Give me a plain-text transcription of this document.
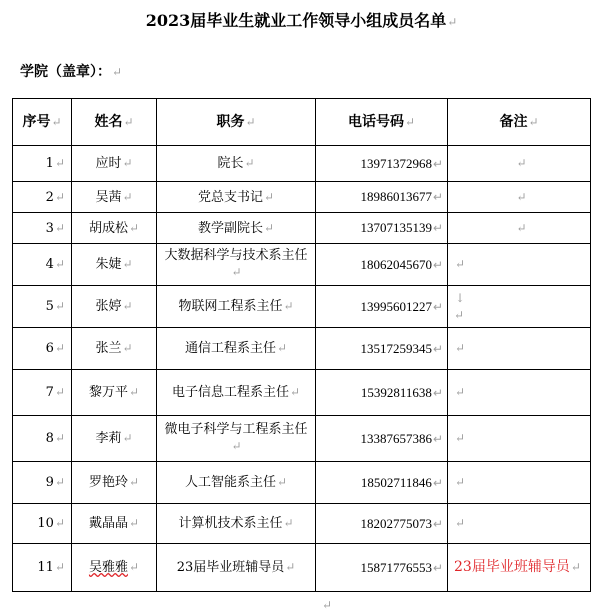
2023届毕业生就业工作领导小组成员名单↵
学院（盖章）：↵
序号↵	姓名↵	职务↵	电话号码↵	备注↵
1↵	应时↵	院长↵	13971372968↵	↵
2↵	吴茜↵	党总支书记↵	18986013677↵	↵
3↵	胡成松↵	教学副院长↵	13707135139↵	↵
4↵	朱婕↵	大数据科学与技术系主任↵	18062045670↵	↵
5↵	张婷↵	物联网工程系主任↵	13995601227↵	↓
↵
6↵	张兰↵	通信工程系主任↵	13517259345↵	↵
7↵	黎万平↵	电子信息工程系主任↵	15392811638↵	↵
8↵	李莉↵	微电子科学与工程系主任↵	13387657386↵	↵
9↵	罗艳玲↵	人工智能系主任↵	18502711846↵	↵
10↵	戴晶晶↵	计算机技术系主任↵	18202775073↵	↵
11↵	吴雅雅↵	23届毕业班辅导员↵	15871776553↵	23届毕业班辅导员↵
↵
